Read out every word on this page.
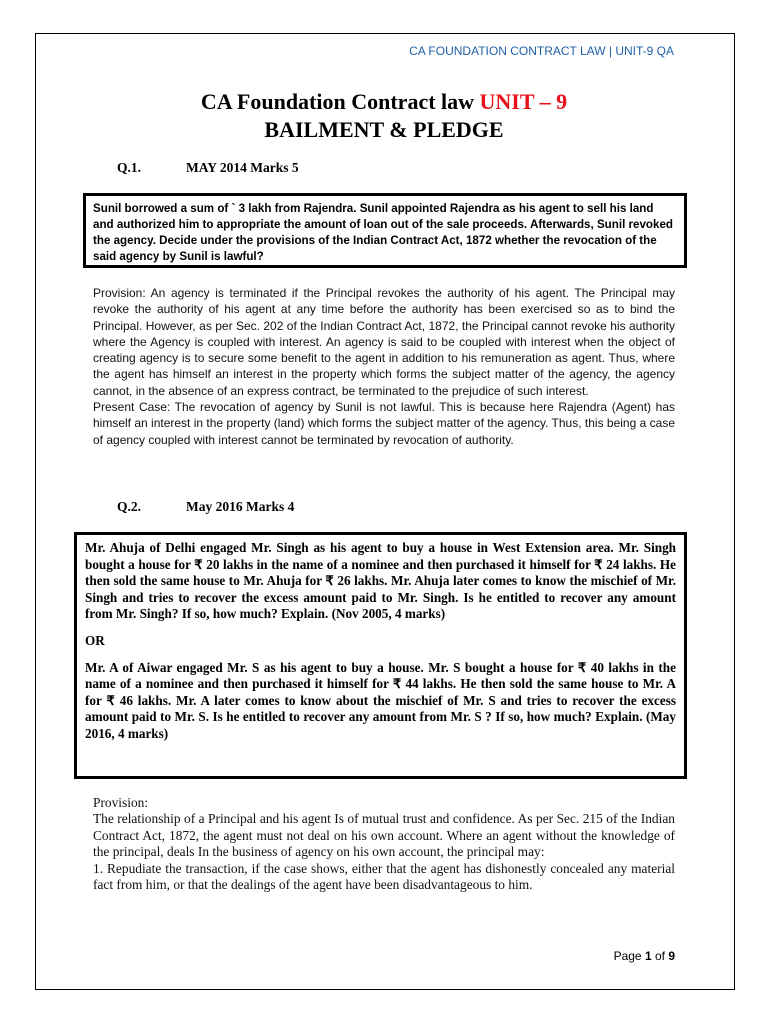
CA FOUNDATION CONTRACT LAW | UNIT-9 QA
CA Foundation Contract law UNIT – 9
BAILMENT & PLEDGE
Q.1.	MAY 2014 Marks 5
Sunil borrowed a sum of ` 3 lakh from Rajendra. Sunil appointed Rajendra as his agent to sell his land and authorized him to appropriate the amount of loan out of the sale proceeds. Afterwards, Sunil revoked the agency. Decide under the provisions of the Indian Contract Act, 1872 whether the revocation of the said agency by Sunil is lawful?

Provision: An agency is terminated if the Principal revokes the authority of his agent. The Principal may revoke the authority of his agent at any time before the authority has been exercised so as to bind the Principal. However, as per Sec. 202 of the Indian Contract Act, 1872, the Principal cannot revoke his authority where the Agency is coupled with interest. An agency is said to be coupled with interest when the object of creating agency is to secure some benefit to the agent in addition to his remuneration as agent. Thus, where the agent has himself an interest in the property which forms the subject matter of the agency, the agency cannot, in the absence of an express contract, be terminated to the prejudice of such interest.

Present Case: The revocation of agency by Sunil is not lawful. This is because here Rajendra (Agent) has himself an interest in the property (land) which forms the subject matter of the agency. Thus, this being a case of agency coupled with interest cannot be terminated by revocation of authority.

Q.2.	May 2016 Marks 4

Mr. Ahuja of Delhi engaged Mr. Singh as his agent to buy a house in West Extension area. Mr. Singh bought a house for ₹ 20 lakhs in the name of a nominee and then purchased it himself for ₹ 24 lakhs. He then sold the same house to Mr. Ahuja for ₹ 26 lakhs. Mr. Ahuja later comes to know the mischief of Mr. Singh and tries to recover the excess amount paid to Mr. Singh. Is he entitled to recover any amount from Mr. Singh? If so, how much? Explain. (Nov 2005, 4 marks)

OR

Mr. A of Aiwar engaged Mr. S as his agent to buy a house. Mr. S bought a house for ₹ 40 lakhs in the name of a nominee and then purchased it himself for ₹ 44 lakhs. He then sold the same house to Mr. A for ₹ 46 lakhs. Mr. A later comes to know about the mischief of Mr. S and tries to recover the excess amount paid to Mr. S. Is he entitled to recover any amount from Mr. S ? If so, how much? Explain. (May 2016, 4 marks)

Provision:

The relationship of a Principal and his agent Is of mutual trust and confidence. As per Sec. 215 of the Indian Contract Act, 1872, the agent must not deal on his own account. Where an agent without the knowledge of the principal, deals In the business of agency on his own account, the principal may:

1. Repudiate the transaction, if the case shows, either that the agent has dishonestly concealed any material fact from him, or that the dealings of the agent have been disadvantageous to him.

Page 1 of 9
